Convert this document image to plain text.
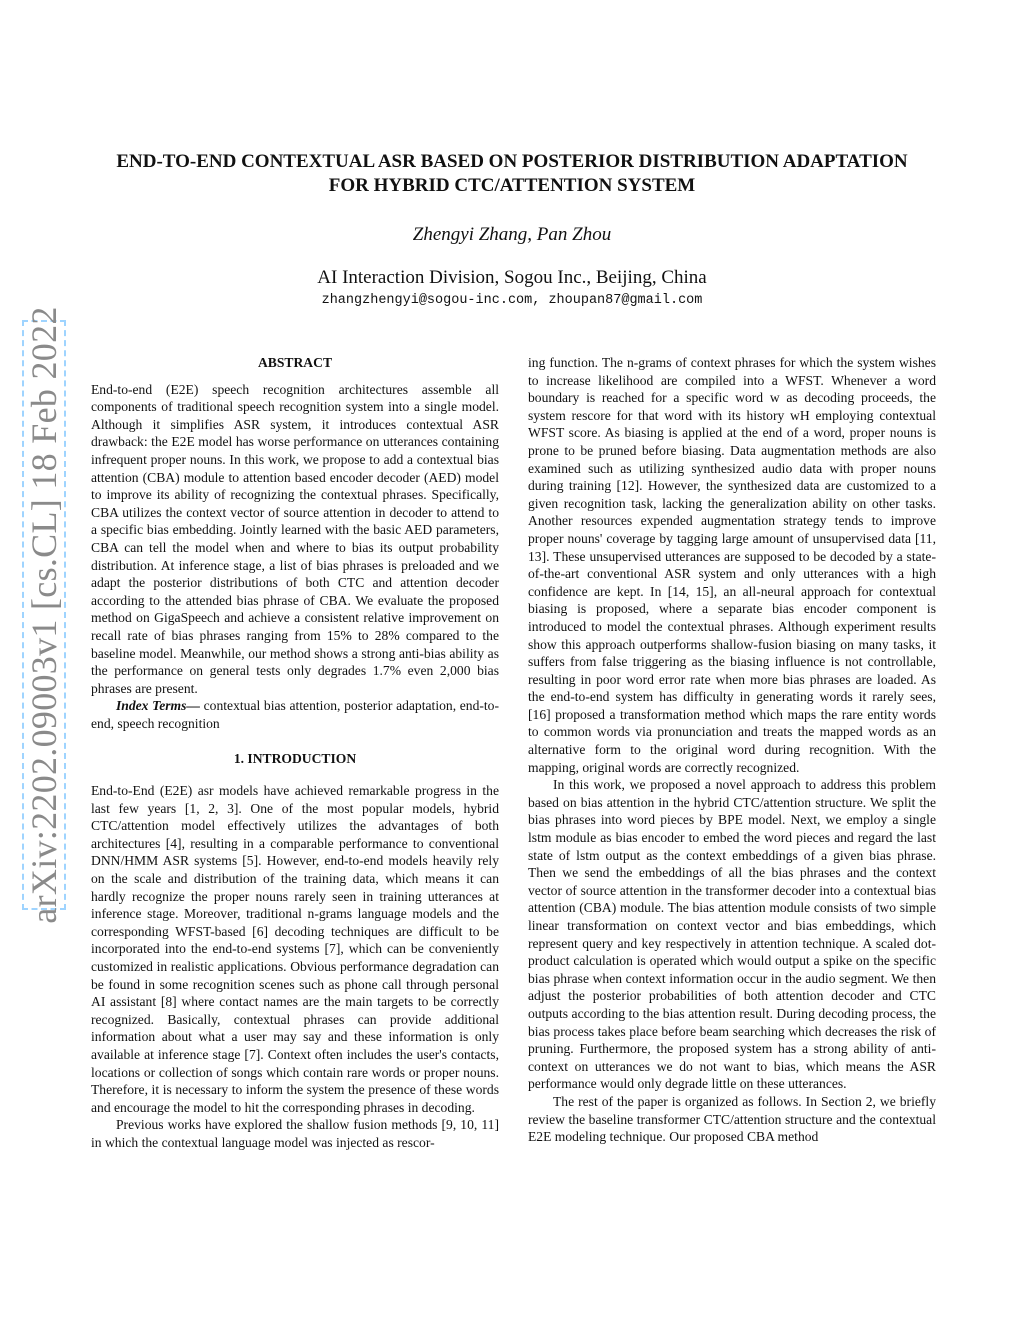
arXiv:2202.09003v1 [cs.CL] 18 Feb 2022
END-TO-END CONTEXTUAL ASR BASED ON POSTERIOR DISTRIBUTION ADAPTATION
FOR HYBRID CTC/ATTENTION SYSTEM
Zhengyi Zhang, Pan Zhou
AI Interaction Division, Sogou Inc., Beijing, China
zhangzhengyi@sogou-inc.com, zhoupan87@gmail.com
ABSTRACT

End-to-end (E2E) speech recognition architectures assemble all components of traditional speech recognition system into a single model. Although it simplifies ASR system, it introduces contextual ASR drawback: the E2E model has worse performance on utterances containing infrequent proper nouns. In this work, we propose to add a contextual bias attention (CBA) module to attention based encoder decoder (AED) model to improve its ability of recognizing the contextual phrases. Specifically, CBA utilizes the context vector of source attention in decoder to attend to a specific bias embedding. Jointly learned with the basic AED parameters, CBA can tell the model when and where to bias its output probability distribution. At inference stage, a list of bias phrases is preloaded and we adapt the posterior distributions of both CTC and attention decoder according to the attended bias phrase of CBA. We evaluate the proposed method on GigaSpeech and achieve a consistent relative improvement on recall rate of bias phrases ranging from 15% to 28% compared to the baseline model. Meanwhile, our method shows a strong anti-bias ability as the performance on general tests only degrades 1.7% even 2,000 bias phrases are present.

Index Terms— contextual bias attention, posterior adaptation, end-to-end, speech recognition

1. INTRODUCTION

End-to-End (E2E) asr models have achieved remarkable progress in the last few years [1, 2, 3]. One of the most popular models, hybrid CTC/attention model effectively utilizes the advantages of both architectures [4], resulting in a comparable performance to conventional DNN/HMM ASR systems [5]. However, end-to-end models heavily rely on the scale and distribution of the training data, which means it can hardly recognize the proper nouns rarely seen in training utterances at inference stage. Moreover, traditional n-grams language models and the corresponding WFST-based [6] decoding techniques are difficult to be incorporated into the end-to-end systems [7], which can be conveniently customized in realistic applications. Obvious performance degradation can be found in some recognition scenes such as phone call through personal AI assistant [8] where contact names are the main targets to be correctly recognized. Basically, contextual phrases can provide additional information about what a user may say and these information is only available at inference stage [7]. Context often includes the user's contacts, locations or collection of songs which contain rare words or proper nouns. Therefore, it is necessary to inform the system the presence of these words and encourage the model to hit the corresponding phrases in decoding.

Previous works have explored the shallow fusion methods [9, 10, 11] in which the contextual language model was injected as rescor-

ing function. The n-grams of context phrases for which the system wishes to increase likelihood are compiled into a WFST. Whenever a word boundary is reached for a specific word w as decoding proceeds, the system rescore for that word with its history wH employing contextual WFST score. As biasing is applied at the end of a word, proper nouns is prone to be pruned before biasing. Data augmentation methods are also examined such as utilizing synthesized audio data with proper nouns during training [12]. However, the synthesized data are customized to a given recognition task, lacking the generalization ability on other tasks. Another resources expended augmentation strategy tends to improve proper nouns' coverage by tagging large amount of unsupervised data [11, 13]. These unsupervised utterances are supposed to be decoded by a state-of-the-art conventional ASR system and only utterances with a high confidence are kept. In [14, 15], an all-neural approach for contextual biasing is proposed, where a separate bias encoder component is introduced to model the contextual phrases. Although experiment results show this approach outperforms shallow-fusion biasing on many tasks, it suffers from false triggering as the biasing influence is not controllable, resulting in poor word error rate when more bias phrases are loaded. As the end-to-end system has difficulty in generating words it rarely sees, [16] proposed a transformation method which maps the rare entity words to common words via pronunciation and treats the mapped words as an alternative form to the original word during recognition. With the mapping, original words are correctly recognized.

In this work, we proposed a novel approach to address this problem based on bias attention in the hybrid CTC/attention structure. We split the bias phrases into word pieces by BPE model. Next, we employ a single lstm module as bias encoder to embed the word pieces and regard the last state of lstm output as the context embeddings of a given bias phrase. Then we send the embeddings of all the bias phrases and the context vector of source attention in the transformer decoder into a contextual bias attention (CBA) module. The bias attention module consists of two simple linear transformation on context vector and bias embeddings, which represent query and key respectively in attention technique. A scaled dot-product calculation is operated which would output a spike on the specific bias phrase when context information occur in the audio segment. We then adjust the posterior probabilities of both attention decoder and CTC outputs according to the bias attention result. During decoding process, the bias process takes place before beam searching which decreases the risk of pruning. Furthermore, the proposed system has a strong ability of anti-context on utterances we do not want to bias, which means the ASR performance would only degrade little on these utterances.

The rest of the paper is organized as follows. In Section 2, we briefly review the baseline transformer CTC/attention structure and the contextual E2E modeling technique. Our proposed CBA method
